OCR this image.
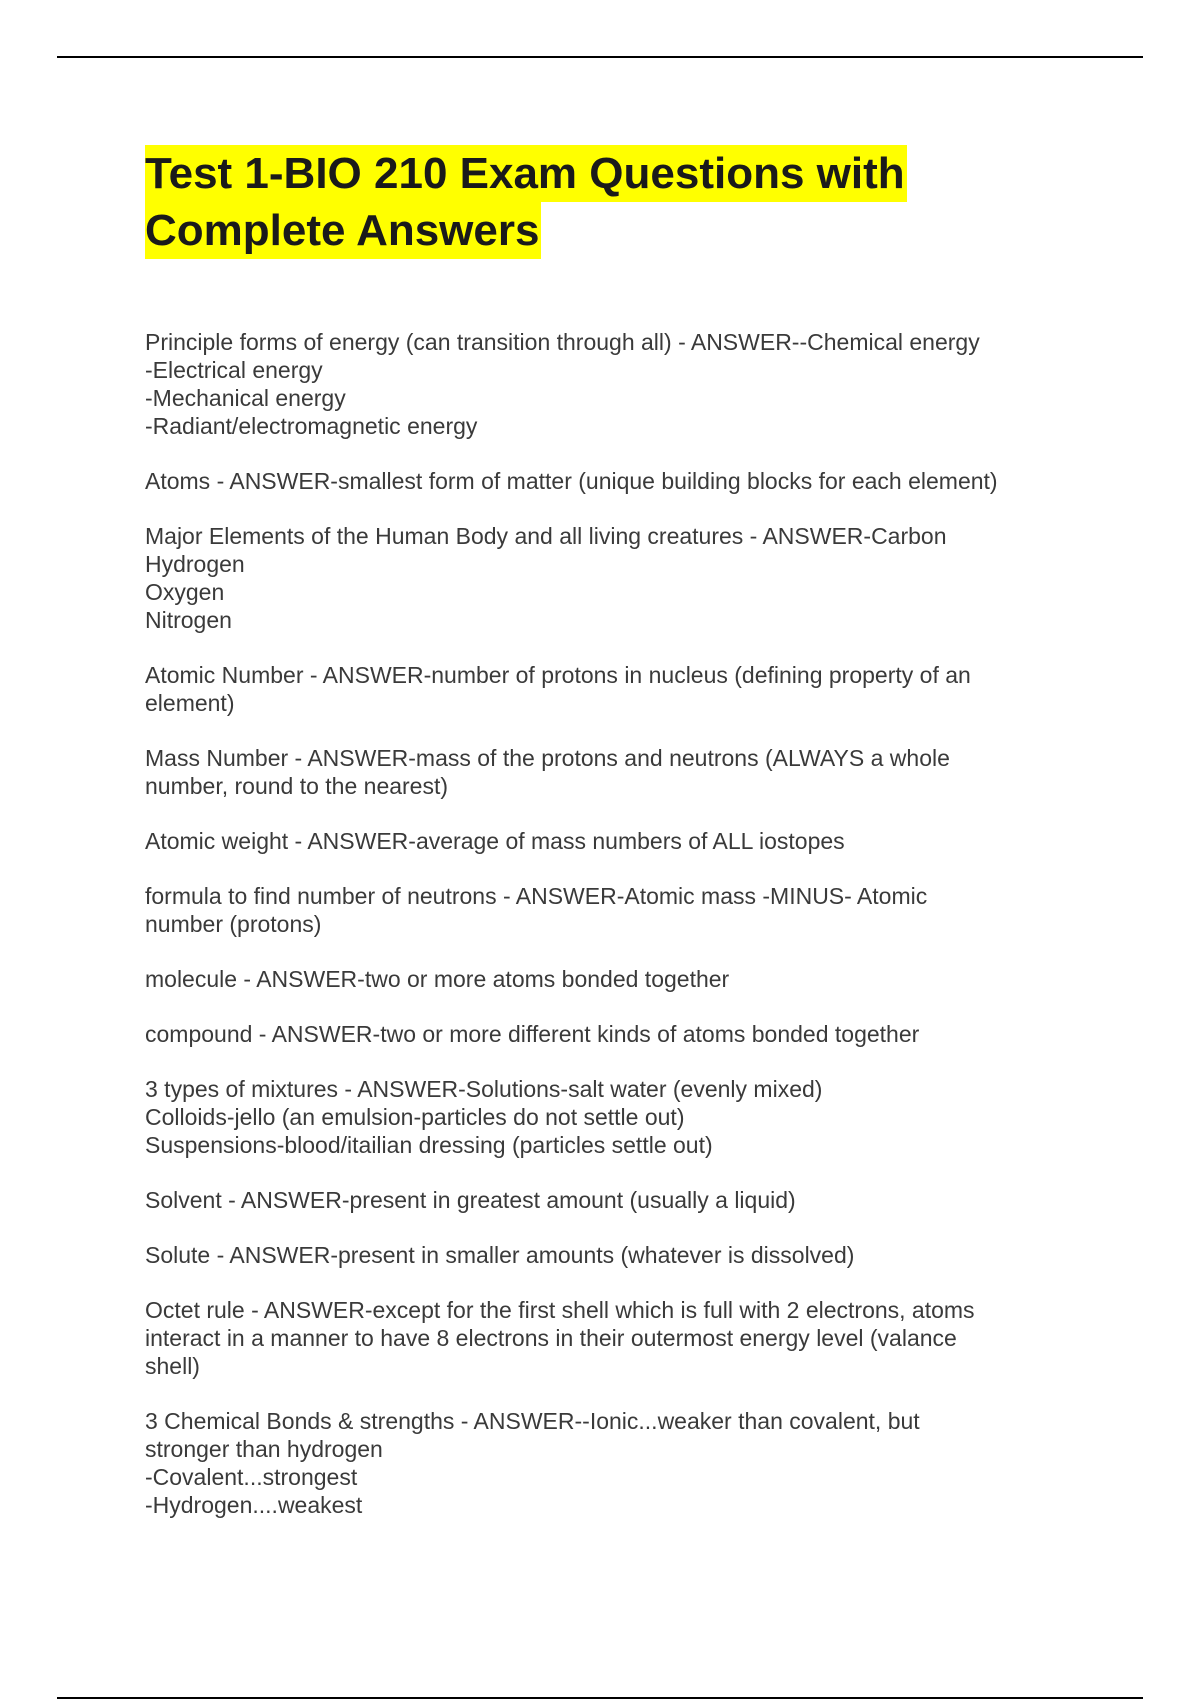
Test 1-BIO 210 Exam Questions with
Complete Answers
Principle forms of energy (can transition through all) - ANSWER--Chemical energy
-Electrical energy
-Mechanical energy
-Radiant/electromagnetic energy
Atoms - ANSWER-smallest form of matter (unique building blocks for each element)
Major Elements of the Human Body and all living creatures - ANSWER-Carbon
Hydrogen
Oxygen
Nitrogen
Atomic Number - ANSWER-number of protons in nucleus (defining property of an
element)
Mass Number - ANSWER-mass of the protons and neutrons (ALWAYS a whole
number, round to the nearest)
Atomic weight - ANSWER-average of mass numbers of ALL iostopes
formula to find number of neutrons - ANSWER-Atomic mass -MINUS- Atomic
number (protons)
molecule - ANSWER-two or more atoms bonded together
compound - ANSWER-two or more different kinds of atoms bonded together
3 types of mixtures - ANSWER-Solutions-salt water (evenly mixed)
Colloids-jello (an emulsion-particles do not settle out)
Suspensions-blood/itailian dressing (particles settle out)
Solvent - ANSWER-present in greatest amount (usually a liquid)
Solute - ANSWER-present in smaller amounts (whatever is dissolved)
Octet rule - ANSWER-except for the first shell which is full with 2 electrons, atoms
interact in a manner to have 8 electrons in their outermost energy level (valance
shell)
3 Chemical Bonds & strengths - ANSWER--Ionic...weaker than covalent, but
stronger than hydrogen
-Covalent...strongest
-Hydrogen....weakest
